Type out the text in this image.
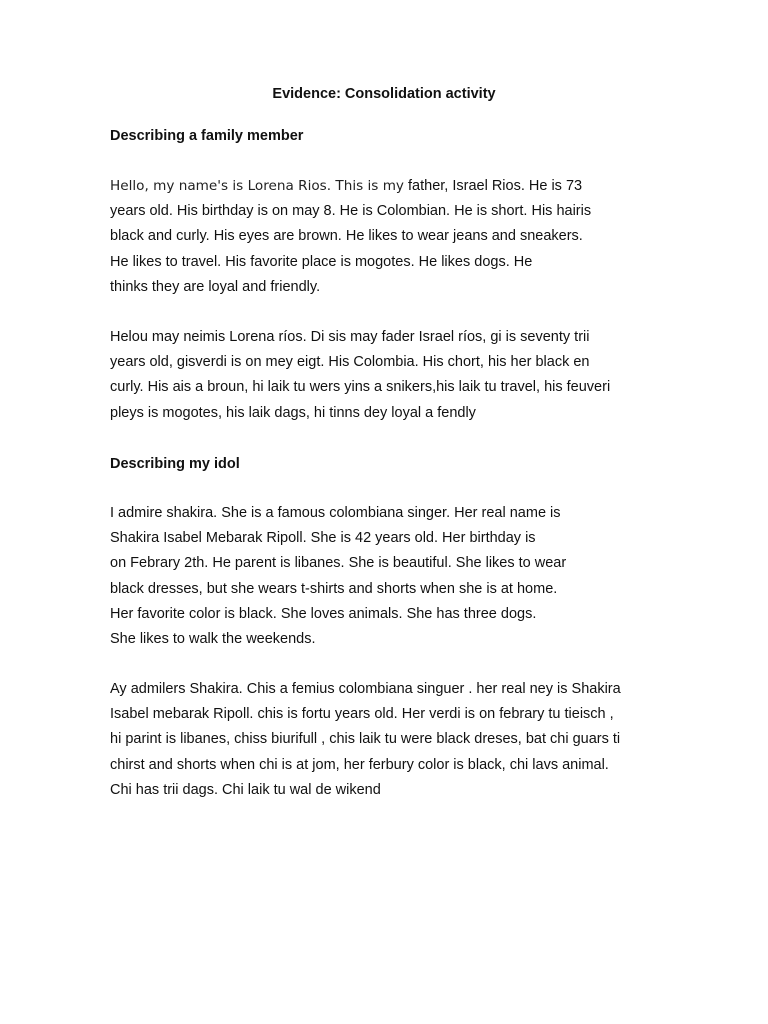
Evidence: Consolidation activity
Describing a family member
Hello, my name's is Lorena Rios. This is my father, Israel Rios. He is 73
years old. His birthday is on may 8. He is Colombian. He is short. His hairis
black and curly. His eyes are brown. He likes to wear jeans and sneakers.
He likes to travel. His favorite place is mogotes. He likes dogs. He
thinks they are loyal and friendly.
Helou may neimis Lorena ríos. Di sis may fader Israel ríos, gi is seventy trii
years old, gisverdi is on mey eigt. His Colombia. His chort, his her black en
curly. His ais a broun, hi laik tu wers yins a snikers,his laik tu travel, his feuveri
pleys is mogotes, his laik dags, hi tinns dey loyal a fendly
Describing my idol
I admire shakira. She is a famous colombiana singer. Her real name is
Shakira Isabel Mebarak Ripoll. She is 42 years old. Her birthday is
on Febrary 2th. He parent is libanes. She is beautiful. She likes to wear
black dresses, but she wears t-shirts and shorts when she is at home.
Her favorite color is black. She loves animals. She has three dogs.
She likes to walk the weekends.
Ay admilers Shakira. Chis a femius colombiana singuer . her real ney is Shakira
Isabel mebarak Ripoll. chis is fortu years old. Her verdi is on febrary tu tieisch ,
hi parint is libanes, chiss biurifull , chis laik tu were black dreses, bat chi guars ti
chirst and shorts when chi is at jom, her ferbury color is black, chi lavs animal.
Chi has trii dags. Chi laik tu wal de wikend
